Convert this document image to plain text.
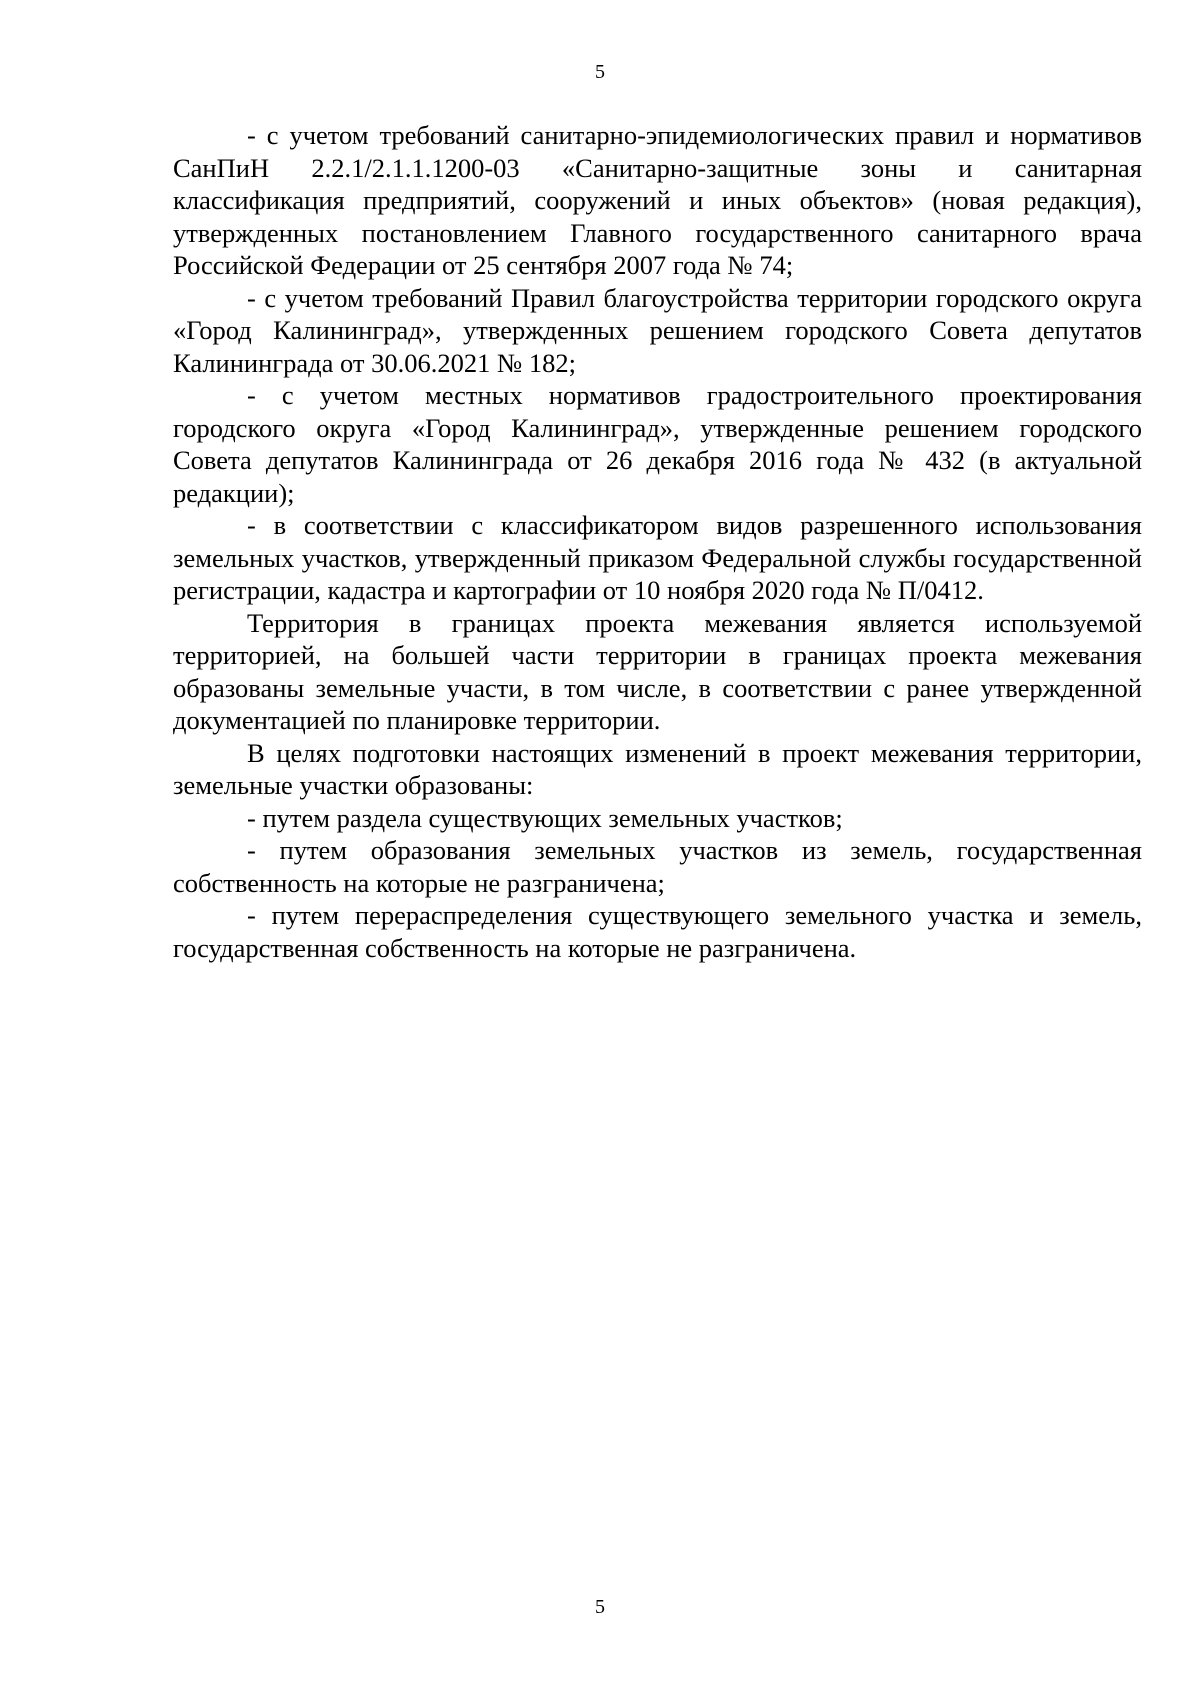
5

- с учетом требований санитарно-эпидемиологических правил и нормативов СанПиН 2.2.1/2.1.1.1200-03 «Санитарно-защитные зоны и санитарная классификация предприятий, сооружений и иных объектов» (новая редакция), утвержденных постановлением Главного государственного санитарного врача Российской Федерации от 25 сентября 2007 года № 74;

- с учетом требований Правил благоустройства территории городского округа «Город Калининград», утвержденных решением городского Совета депутатов Калининграда от 30.06.2021 № 182;

- с учетом местных нормативов градостроительного проектирования городского округа «Город Калининград», утвержденные решением городского Совета депутатов Калининграда от 26 декабря 2016 года № 432 (в актуальной редакции);

- в соответствии с классификатором видов разрешенного использования земельных участков, утвержденный приказом Федеральной службы государственной регистрации, кадастра и картографии от 10 ноября 2020 года № П/0412.

Территория в границах проекта межевания является используемой территорией, на большей части территории в границах проекта межевания образованы земельные участи, в том числе, в соответствии с ранее утвержденной документацией по планировке территории.

В целях подготовки настоящих изменений в проект межевания территории, земельные участки образованы:

- путем раздела существующих земельных участков;

- путем образования земельных участков из земель, государственная собственность на которые не разграничена;

- путем перераспределения существующего земельного участка и земель, государственная собственность на которые не разграничена.

5
